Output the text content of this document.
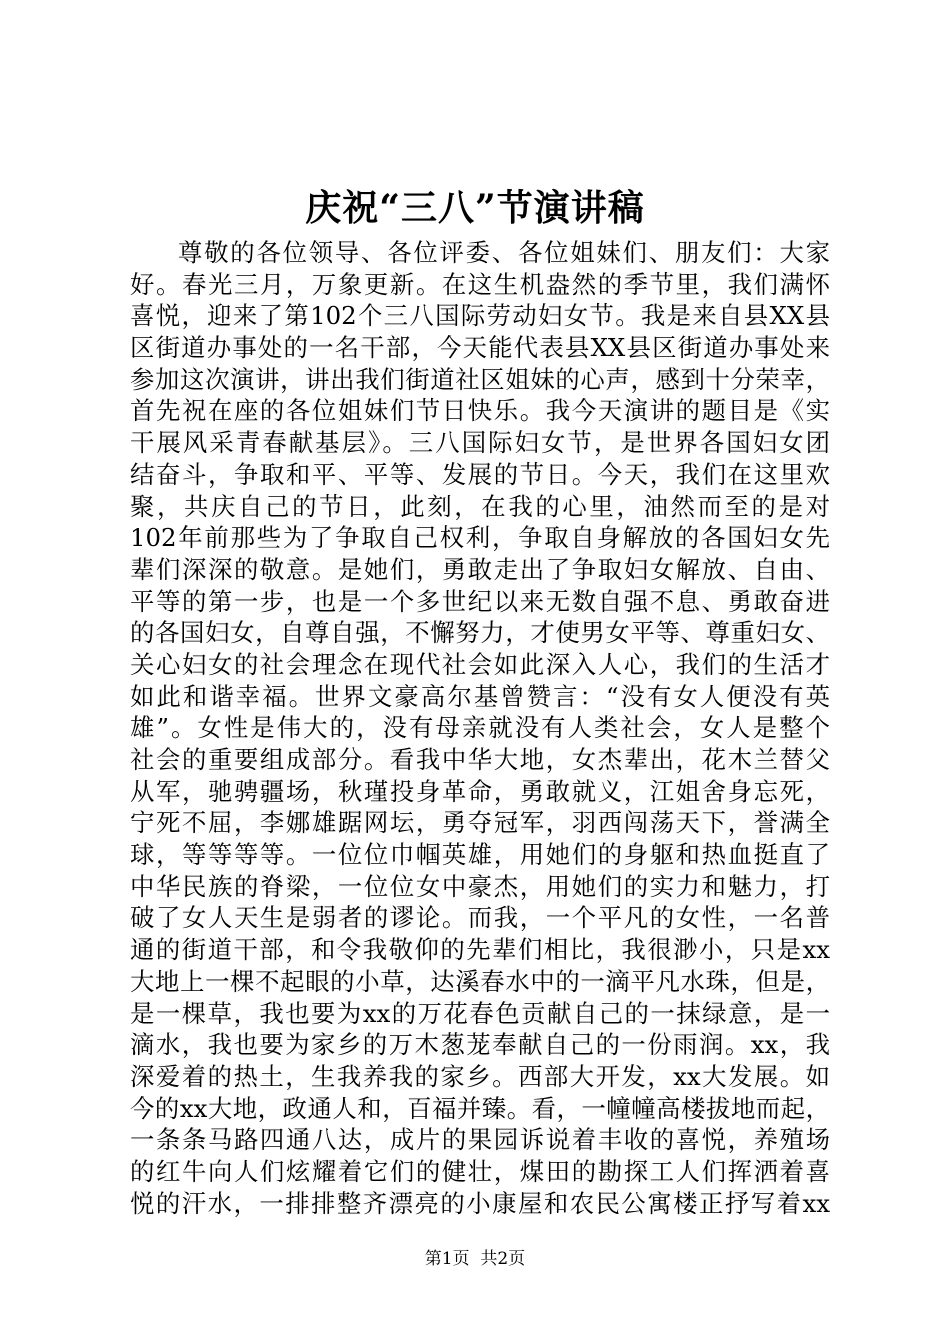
庆祝“三八”节演讲稿
尊敬的各位领导、各位评委、各位姐妹们、朋友们：大家
好。春光三月，万象更新。在这生机盎然的季节里，我们满怀
喜悦，迎来了第102个三八国际劳动妇女节。我是来自县XX县
区街道办事处的一名干部，今天能代表县XX县区街道办事处来
参加这次演讲，讲出我们街道社区姐妹的心声，感到十分荣幸，
首先祝在座的各位姐妹们节日快乐。我今天演讲的题目是《实
干展风采青春献基层》。三八国际妇女节，是世界各国妇女团
结奋斗，争取和平、平等、发展的节日。今天，我们在这里欢
聚，共庆自己的节日，此刻，在我的心里，油然而至的是对
102年前那些为了争取自己权利，争取自身解放的各国妇女先
辈们深深的敬意。是她们，勇敢走出了争取妇女解放、自由、
平等的第一步，也是一个多世纪以来无数自强不息、勇敢奋进
的各国妇女，自尊自强，不懈努力，才使男女平等、尊重妇女、
关心妇女的社会理念在现代社会如此深入人心，我们的生活才
如此和谐幸福。世界文豪高尔基曾赞言：“没有女人便没有英
雄”。女性是伟大的，没有母亲就没有人类社会，女人是整个
社会的重要组成部分。看我中华大地，女杰辈出，花木兰替父
从军，驰骋疆场，秋瑾投身革命，勇敢就义，江姐舍身忘死，
宁死不屈，李娜雄踞网坛，勇夺冠军，羽西闯荡天下，誉满全
球，等等等等。一位位巾帼英雄，用她们的身躯和热血挺直了
中华民族的脊梁，一位位女中豪杰，用她们的实力和魅力，打
破了女人天生是弱者的谬论。而我，一个平凡的女性，一名普
通的街道干部，和令我敬仰的先辈们相比，我很渺小，只是xx
大地上一棵不起眼的小草，达溪春水中的一滴平凡水珠，但是，
是一棵草，我也要为xx的万花春色贡献自己的一抹绿意，是一
滴水，我也要为家乡的万木葱茏奉献自己的一份雨润。xx，我
深爱着的热土，生我养我的家乡。西部大开发，xx大发展。如
今的xx大地，政通人和，百福并臻。看，一幢幢高楼拔地而起，
一条条马路四通八达，成片的果园诉说着丰收的喜悦，养殖场
的红牛向人们炫耀着它们的健壮，煤田的勘探工人们挥洒着喜
悦的汗水，一排排整齐漂亮的小康屋和农民公寓楼正抒写着xx
第1页 共2页
